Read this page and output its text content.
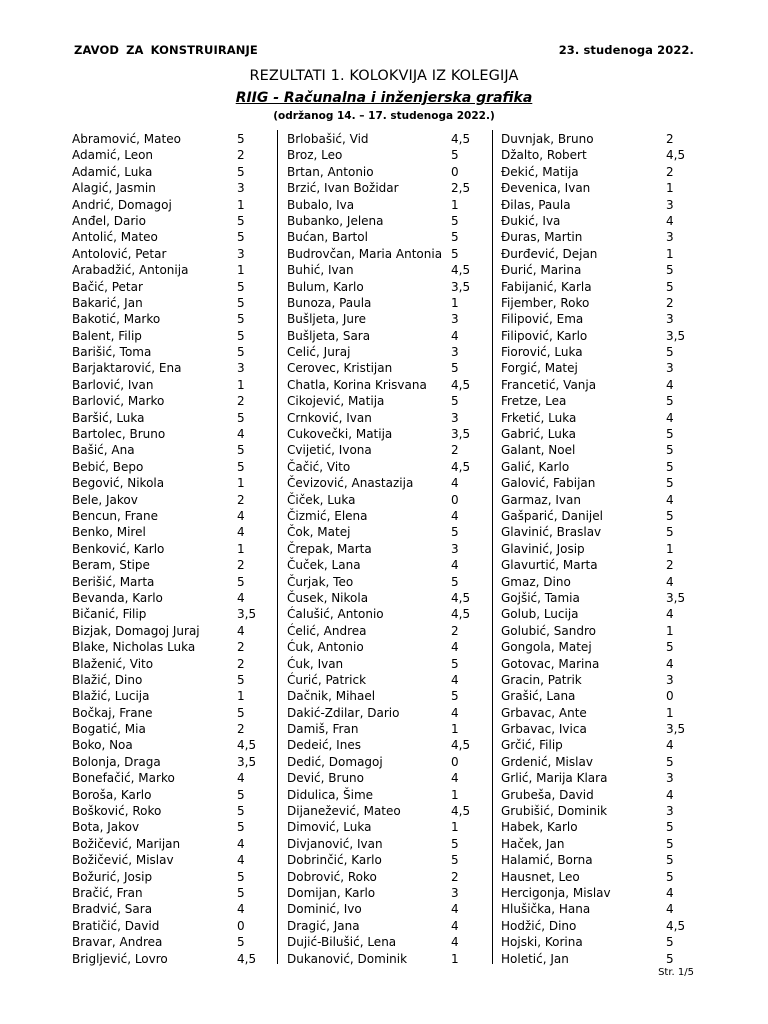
ZAVOD ZA KONSTRUIRANJE	23. studenoga 2022.
REZULTATI 1. KOLOKVIJA IZ KOLEGIJA
RIIG - Računalna i inženjerska grafika
(održanog 14. – 17. studenoga 2022.)
Abramović, Mateo	5
Adamić, Leon	2
Adamić, Luka	5
Alagić, Jasmin	3
Andrić, Domagoj	1
Anđel, Dario	5
Antolić, Mateo	5
Antolović, Petar	3
Arabadžić, Antonija	1
Bačić, Petar	5
Bakarić, Jan	5
Bakotić, Marko	5
Balent, Filip	5
Barišić, Toma	5
Barjaktarović, Ena	3
Barlović, Ivan	1
Barlović, Marko	2
Baršić, Luka	5
Bartolec, Bruno	4
Bašić, Ana	5
Bebić, Bepo	5
Begović, Nikola	1
Bele, Jakov	2
Bencun, Frane	4
Benko, Mirel	4
Benković, Karlo	1
Beram, Stipe	2
Berišić, Marta	5
Bevanda, Karlo	4
Bičanić, Filip	3,5
Bizjak, Domagoj Juraj	4
Blake, Nicholas Luka	2
Blaženić, Vito	2
Blažić, Dino	5
Blažić, Lucija	1
Bočkaj, Frane	5
Bogatić, Mia	2
Boko, Noa	4,5
Bolonja, Draga	3,5
Bonefačić, Marko	4
Boroša, Karlo	5
Bošković, Roko	5
Bota, Jakov	5
Božičević, Marijan	4
Božičević, Mislav	4
Božurić, Josip	5
Bračić, Fran	5
Bradvić, Sara	4
Bratičić, David	0
Bravar, Andrea	5
Brigljević, Lovro	4,5
Brlobašić, Vid	4,5
Broz, Leo	5
Brtan, Antonio	0
Brzić, Ivan Božidar	2,5
Bubalo, Iva	1
Bubanko, Jelena	5
Bućan, Bartol	5
Budrovčan, Maria Antonia 5
Buhić, Ivan	4,5
Bulum, Karlo	3,5
Bunoza, Paula	1
Bušljeta, Jure	3
Bušljeta, Sara	4
Celić, Juraj	3
Cerovec, Kristijan	5
Chatla, Korina Krisvana 4,5
Cikojević, Matija	5
Crnković, Ivan	3
Cukovečki, Matija	3,5
Cvijetić, Ivona	2
Čačić, Vito	4,5
Čevizović, Anastazija	4
Čiček, Luka	0
Čizmić, Elena	4
Čok, Matej	5
Črepak, Marta	3
Čuček, Lana	4
Čurjak, Teo	5
Čusek, Nikola	4,5
Ćalušić, Antonio	4,5
Ćelić, Andrea	2
Ćuk, Antonio	4
Ćuk, Ivan	5
Ćurić, Patrick	4
Dačnik, Mihael	5
Dakić-Zdilar, Dario	4
Damiš, Fran	1
Dedeić, Ines	4,5
Dedić, Domagoj	0
Dević, Bruno	4
Didulica, Šime	1
Dijanežević, Mateo	4,5
Dimović, Luka	1
Divjanović, Ivan	5
Dobrinčić, Karlo	5
Dobrović, Roko	2
Domijan, Karlo	3
Dominić, Ivo	4
Dragić, Jana	4
Dujić-Bilušić, Lena	4
Dukanović, Dominik	1
Duvnjak, Bruno	2
Džalto, Robert	4,5
Đekić, Matija	2
Đevenica, Ivan	1
Đilas, Paula	3
Đukić, Iva	4
Đuras, Martin	3
Đurđević, Dejan	1
Đurić, Marina	5
Fabijanić, Karla	5
Fijember, Roko	2
Filipović, Ema	3
Filipović, Karlo	3,5
Fiorović, Luka	5
Forgić, Matej	3
Francetić, Vanja	4
Fretze, Lea	5
Frketić, Luka	4
Gabrić, Luka	5
Galant, Noel	5
Galić, Karlo	5
Galović, Fabijan	5
Garmaz, Ivan	4
Gašparić, Danijel	5
Glavinić, Braslav	5
Glavinić, Josip	1
Glavurtić, Marta	2
Gmaz, Dino	4
Gojšić, Tamia	3,5
Golub, Lucija	4
Golubić, Sandro	1
Gongola, Matej	5
Gotovac, Marina	4
Gracin, Patrik	3
Grašić, Lana	0
Grbavac, Ante	1
Grbavac, Ivica	3,5
Grčić, Filip	4
Grdenić, Mislav	5
Grlić, Marija Klara	3
Grubeša, David	4
Grubišić, Dominik	3
Habek, Karlo	5
Haček, Jan	5
Halamić, Borna	5
Hausnet, Leo	5
Hercigonja, Mislav	4
Hlušička, Hana	4
Hodžić, Dino	4,5
Hojski, Korina	5
Holetić, Jan	5
Str. 1/5
